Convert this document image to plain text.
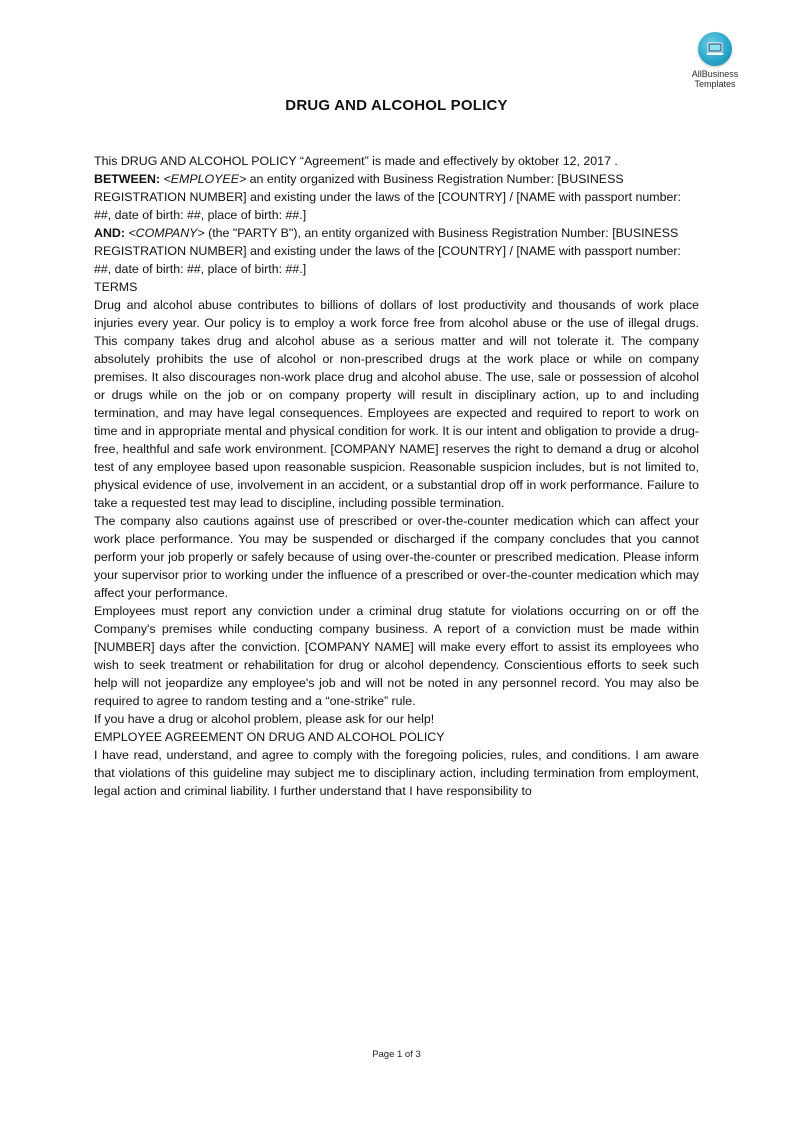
AllBusiness
Templates
DRUG AND ALCOHOL POLICY

This DRUG AND ALCOHOL POLICY “Agreement” is made and effectively by oktober 12, 2017 .

BETWEEN: <EMPLOYEE> an entity organized with Business Registration Number: [BUSINESS REGISTRATION NUMBER] and existing under the laws of the [COUNTRY] / [NAME with passport number: ##, date of birth: ##, place of birth: ##.]

AND: <COMPANY> (the "PARTY B"), an entity organized with Business Registration Number: [BUSINESS REGISTRATION NUMBER] and existing under the laws of the [COUNTRY] / [NAME with passport number: ##, date of birth: ##, place of birth: ##.]

TERMS

Drug and alcohol abuse contributes to billions of dollars of lost productivity and thousands of work place injuries every year. Our policy is to employ a work force free from alcohol abuse or the use of illegal drugs. This company takes drug and alcohol abuse as a serious matter and will not tolerate it. The company absolutely prohibits the use of alcohol or non-prescribed drugs at the work place or while on company premises. It also discourages non-work place drug and alcohol abuse. The use, sale or possession of alcohol or drugs while on the job or on company property will result in disciplinary action, up to and including termination, and may have legal consequences. Employees are expected and required to report to work on time and in appropriate mental and physical condition for work. It is our intent and obligation to provide a drug-free, healthful and safe work environment. [COMPANY NAME] reserves the right to demand a drug or alcohol test of any employee based upon reasonable suspicion. Reasonable suspicion includes, but is not limited to, physical evidence of use, involvement in an accident, or a substantial drop off in work performance. Failure to take a requested test may lead to discipline, including possible termination.

The company also cautions against use of prescribed or over-the-counter medication which can affect your work place performance. You may be suspended or discharged if the company concludes that you cannot perform your job properly or safely because of using over-the-counter or prescribed medication. Please inform your supervisor prior to working under the influence of a prescribed or over-the-counter medication which may affect your performance.

Employees must report any conviction under a criminal drug statute for violations occurring on or off the Company's premises while conducting company business. A report of a conviction must be made within [NUMBER] days after the conviction. [COMPANY NAME] will make every effort to assist its employees who wish to seek treatment or rehabilitation for drug or alcohol dependency. Conscientious efforts to seek such help will not jeopardize any employee's job and will not be noted in any personnel record. You may also be required to agree to random testing and a “one-strike” rule.

If you have a drug or alcohol problem, please ask for our help!

EMPLOYEE AGREEMENT ON DRUG AND ALCOHOL POLICY

I have read, understand, and agree to comply with the foregoing policies, rules, and conditions. I am aware that violations of this guideline may subject me to disciplinary action, including termination from employment, legal action and criminal liability. I further understand that I have responsibility to

Page 1 of 3
